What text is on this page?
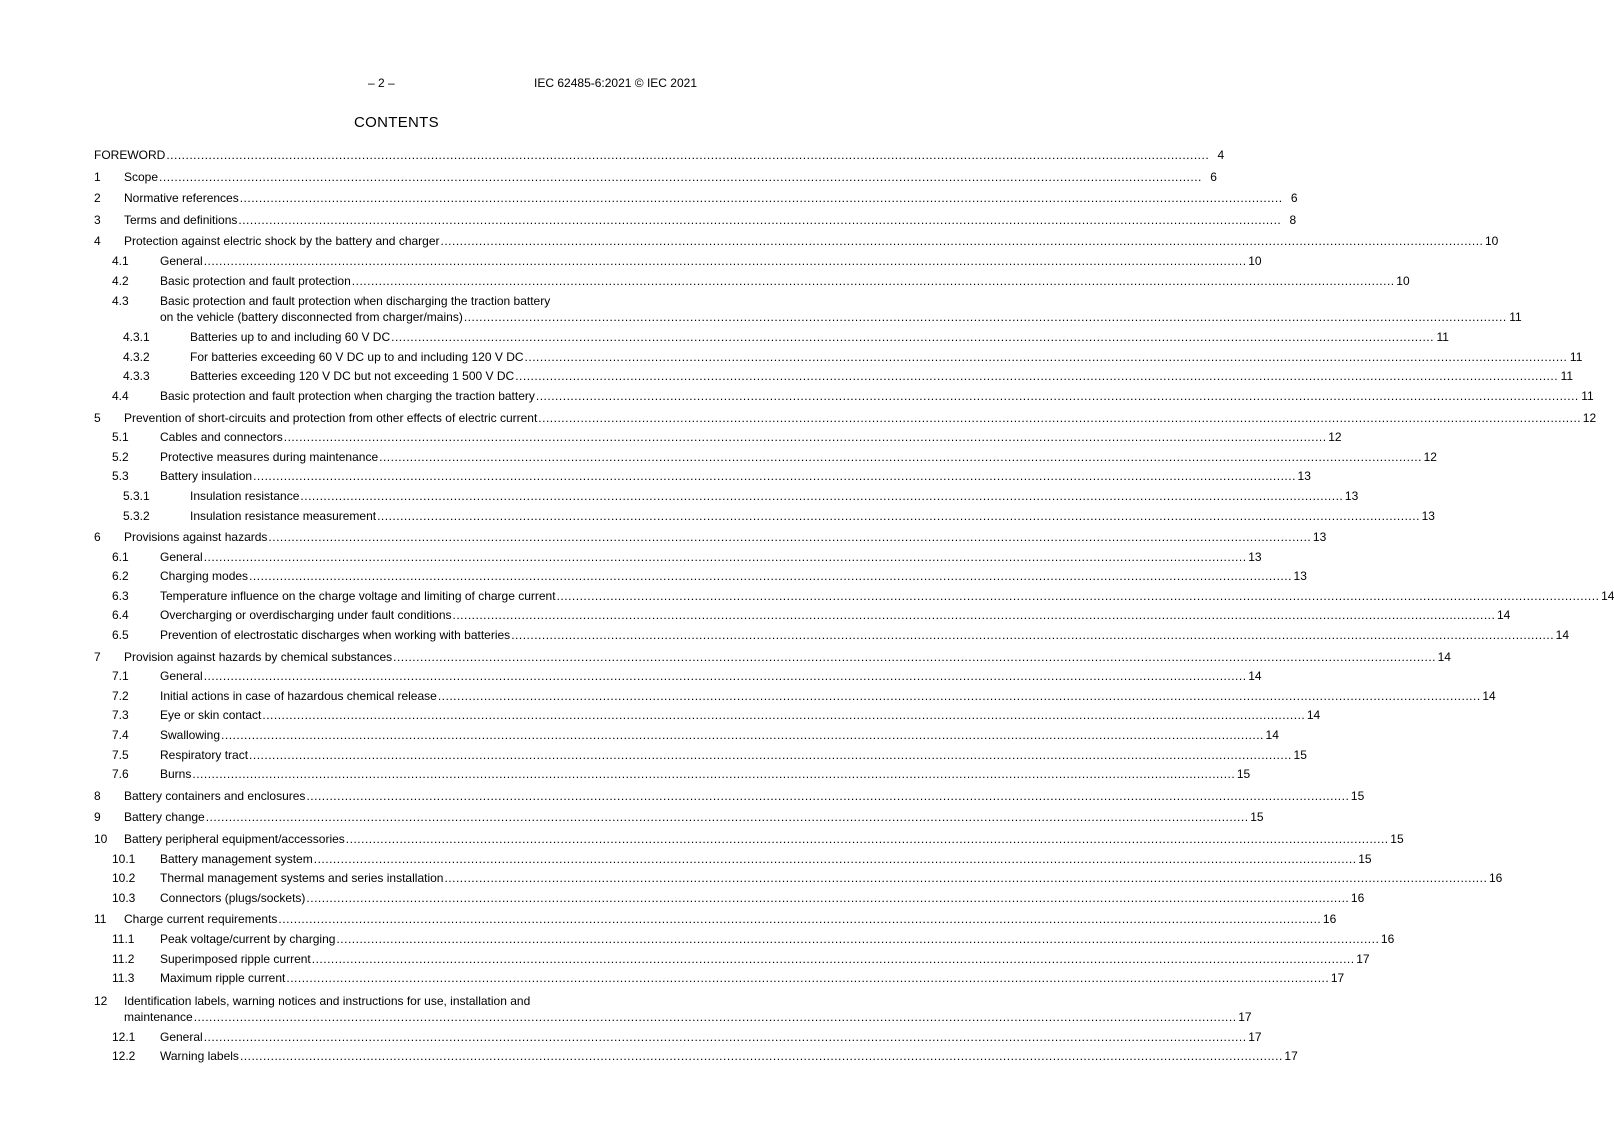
– 2 –	IEC 62485-6:2021 © IEC 2021
CONTENTS
FOREWORD .....	4
1 Scope .....	6
2 Normative references .....	6
3 Terms and definitions .....	8
4 Protection against electric shock by the battery and charger .....	10
4.1	General .....	10
4.2	Basic protection and fault protection .....	10
4.3	Basic protection and fault protection when discharging the traction battery
on the vehicle (battery disconnected from charger/mains) .....	11
4.3.1	Batteries up to and including 60 V DC .....	11
4.3.2	For batteries exceeding 60 V DC up to and including 120 V DC .....	11
4.3.3	Batteries exceeding 120 V DC but not exceeding 1 500 V DC .....	11
4.4	Basic protection and fault protection when charging the traction battery .....	11
5 Prevention of short-circuits and protection from other effects of electric current .....	12
5.1	Cables and connectors .....	12
5.2	Protective measures during maintenance .....	12
5.3	Battery insulation .....	13
5.3.1	Insulation resistance .....	13
5.3.2	Insulation resistance measurement .....	13
6 Provisions against hazards .....	13
6.1	General .....	13
6.2	Charging modes .....	13
6.3	Temperature influence on the charge voltage and limiting of charge current .....	14
6.4	Overcharging or overdischarging under fault conditions .....	14
6.5	Prevention of electrostatic discharges when working with batteries .....	14
7 Provision against hazards by chemical substances .....	14
7.1	General .....	14
7.2	Initial actions in case of hazardous chemical release .....	14
7.3	Eye or skin contact .....	14
7.4	Swallowing .....	14
7.5	Respiratory tract .....	15
7.6	Burns .....	15
8 Battery containers and enclosures .....	15
9 Battery change .....	15
10 Battery peripheral equipment/accessories .....	15
10.1 Battery management system .....	15
10.2 Thermal management systems and series installation .....	16
10.3 Connectors (plugs/sockets) .....	16
11 Charge current requirements .....	16
11.1 Peak voltage/current by charging .....	16
11.2 Superimposed ripple current .....	17
11.3 Maximum ripple current .....	17
12 Identification labels, warning notices and instructions for use, installation and
maintenance .....	17
12.1 General .....	17
12.2 Warning labels .....	17
